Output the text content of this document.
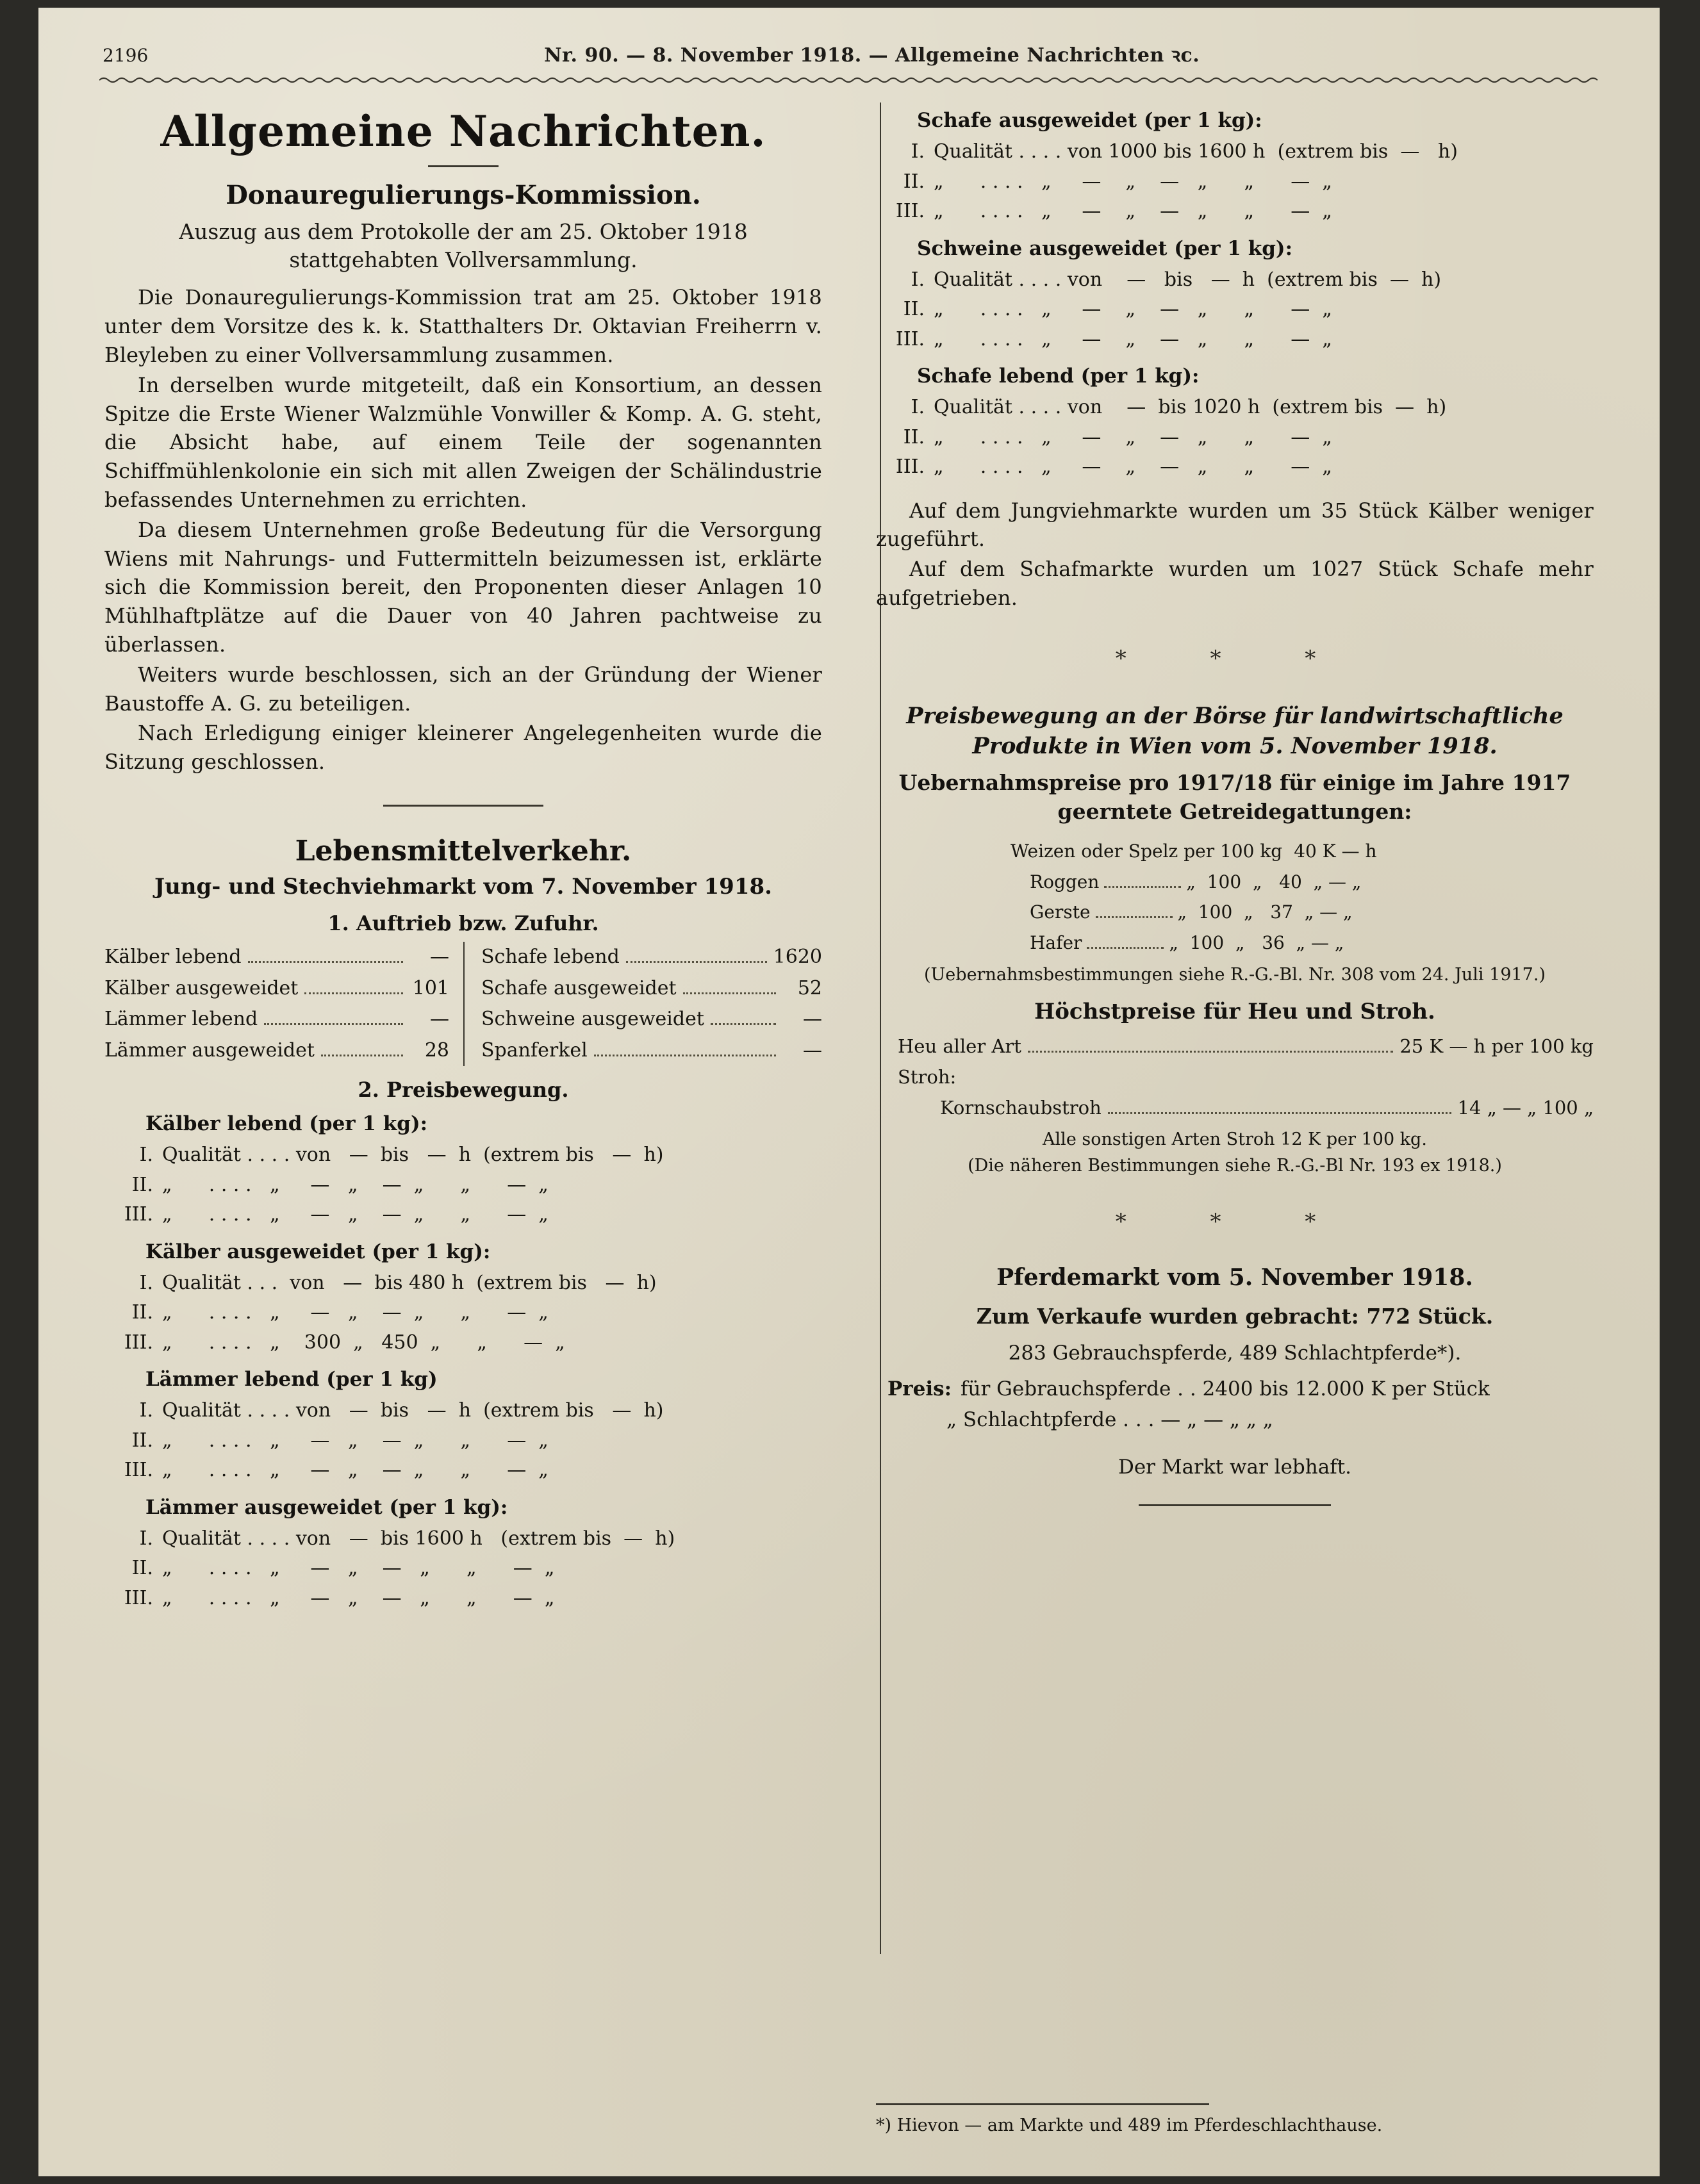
2196	Nr. 90. — 8. November 1918. — Allgemeine Nachrichten ꝛc.
Allgemeine Nachrichten.
Donauregulierungs-Kommission.
Auszug aus dem Protokolle der am 25. Oktober 1918 stattgehabten Vollversammlung.

Die Donauregulierungs-Kommission trat am 25. Oktober 1918 unter dem Vorsitze des k. k. Statthalters Dr. Oktavian Freiherrn v. Bleyleben zu einer Vollversammlung zusammen.

In derselben wurde mitgeteilt, daß ein Konsortium, an dessen Spitze die Erste Wiener Walzmühle Vonwiller & Komp. A. G. steht, die Absicht habe, auf einem Teile der sogenannten Schiffmühlenkolonie ein sich mit allen Zweigen der Schälindustrie befassendes Unternehmen zu errichten.

Da diesem Unternehmen große Bedeutung für die Versorgung Wiens mit Nahrungs- und Futtermitteln beizumessen ist, erklärte sich die Kommission bereit, den Proponenten dieser Anlagen 10 Mühlhaftplätze auf die Dauer von 40 Jahren pachtweise zu überlassen.

Weiters wurde beschlossen, sich an der Gründung der Wiener Baustoffe A. G. zu beteiligen.

Nach Erledigung einiger kleinerer Angelegenheiten wurde die Sitzung geschlossen.

Lebensmittelverkehr.
Jung- und Stechviehmarkt vom 7. November 1918.
1. Auftrieb bzw. Zufuhr.
Kälber lebend	—
Kälber ausgeweidet	101
Lämmer lebend	—
Lämmer ausgeweidet	28
Schafe lebend	1620
Schafe ausgeweidet	52
Schweine ausgeweidet	—
Spanferkel	—
2. Preisbewegung.
Kälber lebend (per 1 kg):
I. Qualität . . . . von   —  bis   —  h  (extrem bis   —  h)
II. „      . . . .   „     —   „    —  „      „      —  „
III. „      . . . .   „     —   „    —  „      „      —  „
Kälber ausgeweidet (per 1 kg):
I. Qualität . . .  von   —  bis 480 h  (extrem bis   —  h)
II. „      . . . .   „     —   „    —  „      „      —  „
III. „      . . . .   „    300  „   450  „      „      —  „
Lämmer lebend (per 1 kg)
I. Qualität . . . . von   —  bis   —  h  (extrem bis   —  h)
II. „      . . . .   „     —   „    —  „      „      —  „
III. „      . . . .   „     —   „    —  „      „      —  „
Lämmer ausgeweidet (per 1 kg):
I. Qualität . . . . von   —  bis 1600 h   (extrem bis  —  h)
II. „      . . . .   „     —   „    —   „      „      —  „
III. „      . . . .   „     —   „    —   „      „      —  „
Schafe ausgeweidet (per 1 kg):
I. Qualität . . . . von 1000 bis 1600 h  (extrem bis  —   h)
II. „      . . . .   „     —    „    —   „      „      —  „
III. „      . . . .   „     —    „    —   „      „      —  „
Schweine ausgeweidet (per 1 kg):
I. Qualität . . . . von    —   bis   —  h  (extrem bis  —  h)
II. „      . . . .   „     —    „    —   „      „      —  „
III. „      . . . .   „     —    „    —   „      „      —  „
Schafe lebend (per 1 kg):
I. Qualität . . . . von    —  bis 1020 h  (extrem bis  —  h)
II. „      . . . .   „     —    „    —   „      „      —  „
III. „      . . . .   „     —    „    —   „      „      —  „

Auf dem Jungviehmarkte wurden um 35 Stück Kälber weniger zugeführt.

Auf dem Schafmarkte wurden um 1027 Stück Schafe mehr aufgetrieben.

* * *
Preisbewegung an der Börse für landwirtschaftliche Produkte in Wien vom 5. November 1918.
Uebernahmspreise pro 1917/18 für einige im Jahre 1917 geerntete Getreidegattungen:
Weizen oder Spelz per 100 kg 40 K — h
Roggen	„  100  „   40  „ — „
Gerste	„  100  „   37  „ — „
Hafer	„  100  „   36  „ — „
(Uebernahmsbestimmungen siehe R.-G.-Bl. Nr. 308 vom 24. Juli 1917.)
Höchstpreise für Heu und Stroh.
Heu aller Art	25 K — h per 100 kg
Stroh:
Kornschaubstroh	14 „ — „ 100 „
Alle sonstigen Arten Stroh 12 K per 100 kg.
(Die näheren Bestimmungen siehe R.-G.-Bl Nr. 193 ex 1918.)
* * *
Pferdemarkt vom 5. November 1918.
Zum Verkaufe wurden gebracht: 772 Stück.
283 Gebrauchspferde, 489 Schlachtpferde*).
Preis: für Gebrauchspferde . . 2400 bis 12.000 K per Stück
„ Schlachtpferde . . . — „ — „ „ „
Der Markt war lebhaft.
*) Hievon — am Markte und 489 im Pferdeschlachthause.
